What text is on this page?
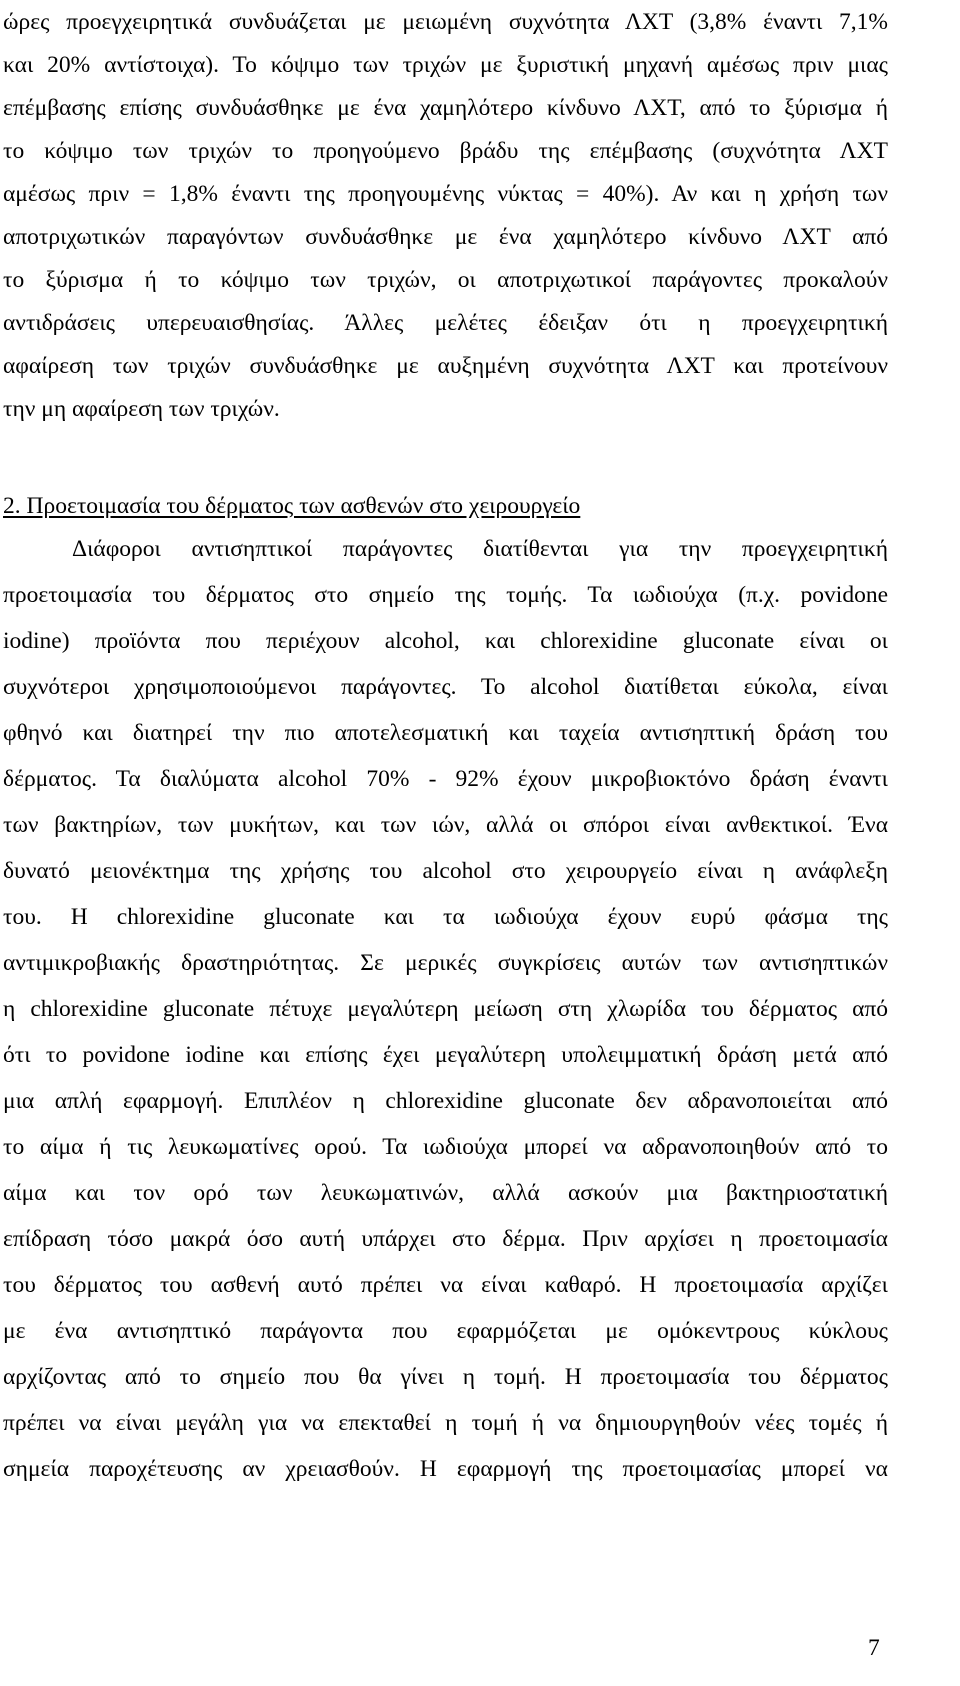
ώρες προεγχειρητικά συνδυάζεται με μειωμένη συχνότητα ΛΧΤ (3,8% έναντι 7,1%
και 20% αντίστοιχα). Το κόψιμο των τριχών με ξυριστική μηχανή αμέσως πριν μιας
επέμβασης επίσης συνδυάσθηκε με ένα χαμηλότερο κίνδυνο ΛΧΤ, από το ξύρισμα ή
το κόψιμο των τριχών το προηγούμενο βράδυ της επέμβασης (συχνότητα ΛΧΤ
αμέσως πριν = 1,8% έναντι της προηγουμένης νύκτας = 40%). Αν και η χρήση των
αποτριχωτικών παραγόντων συνδυάσθηκε με ένα χαμηλότερο κίνδυνο ΛΧΤ από
το ξύρισμα ή το κόψιμο των τριχών, οι αποτριχωτικοί παράγοντες προκαλούν
αντιδράσεις υπερευαισθησίας. Άλλες μελέτες έδειξαν ότι η προεγχειρητική
αφαίρεση των τριχών συνδυάσθηκε με αυξημένη συχνότητα ΛΧΤ και προτείνουν
την μη αφαίρεση των τριχών.
2. Προετοιμασία του δέρματος των ασθενών στο χειρουργείο
Διάφοροι αντισηπτικοί παράγοντες διατίθενται για την προεγχειρητική
προετοιμασία του δέρματος στο σημείο της τομής. Τα ιωδιούχα (π.χ. povidone
iodine) προϊόντα που περιέχουν alcohol, και chlorexidine gluconate είναι οι
συχνότεροι χρησιμοποιούμενοι παράγοντες. Το alcohol διατίθεται εύκολα, είναι
φθηνό και διατηρεί την πιο αποτελεσματική και ταχεία αντισηπτική δράση του
δέρματος. Τα διαλύματα alcohol 70% - 92% έχουν μικροβιοκτόνο δράση έναντι
των βακτηρίων, των μυκήτων, και των ιών, αλλά οι σπόροι είναι ανθεκτικοί. Ένα
δυνατό μειονέκτημα της χρήσης του alcohol στο χειρουργείο είναι η ανάφλεξη
του. Η chlorexidine gluconate και τα ιωδιούχα έχουν ευρύ φάσμα της
αντιμικροβιακής δραστηριότητας. Σε μερικές συγκρίσεις αυτών των αντισηπτικών
η chlorexidine gluconate πέτυχε μεγαλύτερη μείωση στη χλωρίδα του δέρματος από
ότι το povidone iodine και επίσης έχει μεγαλύτερη υπολειμματική δράση μετά από
μια απλή εφαρμογή. Επιπλέον η chlorexidine gluconate δεν αδρανοποιείται από
το αίμα ή τις λευκωματίνες ορού. Τα ιωδιούχα μπορεί να αδρανοποιηθούν από το
αίμα και τον ορό των λευκωματινών, αλλά ασκούν μια βακτηριοστατική
επίδραση τόσο μακρά όσο αυτή υπάρχει στο δέρμα. Πριν αρχίσει η προετοιμασία
του δέρματος του ασθενή αυτό πρέπει να είναι καθαρό. Η προετοιμασία αρχίζει
με ένα αντισηπτικό παράγοντα που εφαρμόζεται με ομόκεντρους κύκλους
αρχίζοντας από το σημείο που θα γίνει η τομή. Η προετοιμασία του δέρματος
πρέπει να είναι μεγάλη για να επεκταθεί η τομή ή να δημιουργηθούν νέες τομές ή
σημεία παροχέτευσης αν χρειασθούν. Η εφαρμογή της προετοιμασίας μπορεί να
7
